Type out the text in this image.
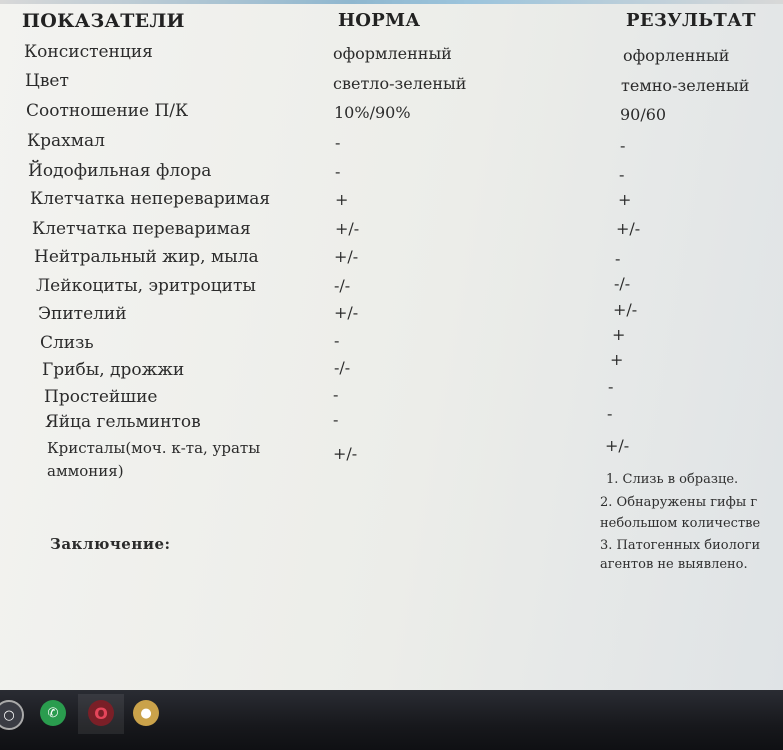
ПОКАЗАТЕЛИ	НОРМА	РЕЗУЛЬТАТ
Консистенция	оформленный	офорленный
Цвет	светло-зеленый	темно-зеленый
Соотношение П/К	10%/90%	90/60
Крахмал	-	-
Йодофильная флора	-	-
Клетчатка непереваримая	+	+
Клетчатка переваримая	+/-	+/-
Нейтральный жир, мыла	+/-	-
Лейкоциты, эритроциты	-/-	-/-
Эпителий	+/-	+/-
Слизь	-	+
Грибы, дрожжи	-/-	+
Простейшие	-	-
Яйца гельминтов	-	-
Кристалы(моч. к-та, ураты
аммония)
+/-	+/-
Заключение:
1. Слизь в образце.
2. Обнаружены гифы г
небольшом количестве
3. Патогенных биологи
агентов не выявлено.
○	✆	O	●
